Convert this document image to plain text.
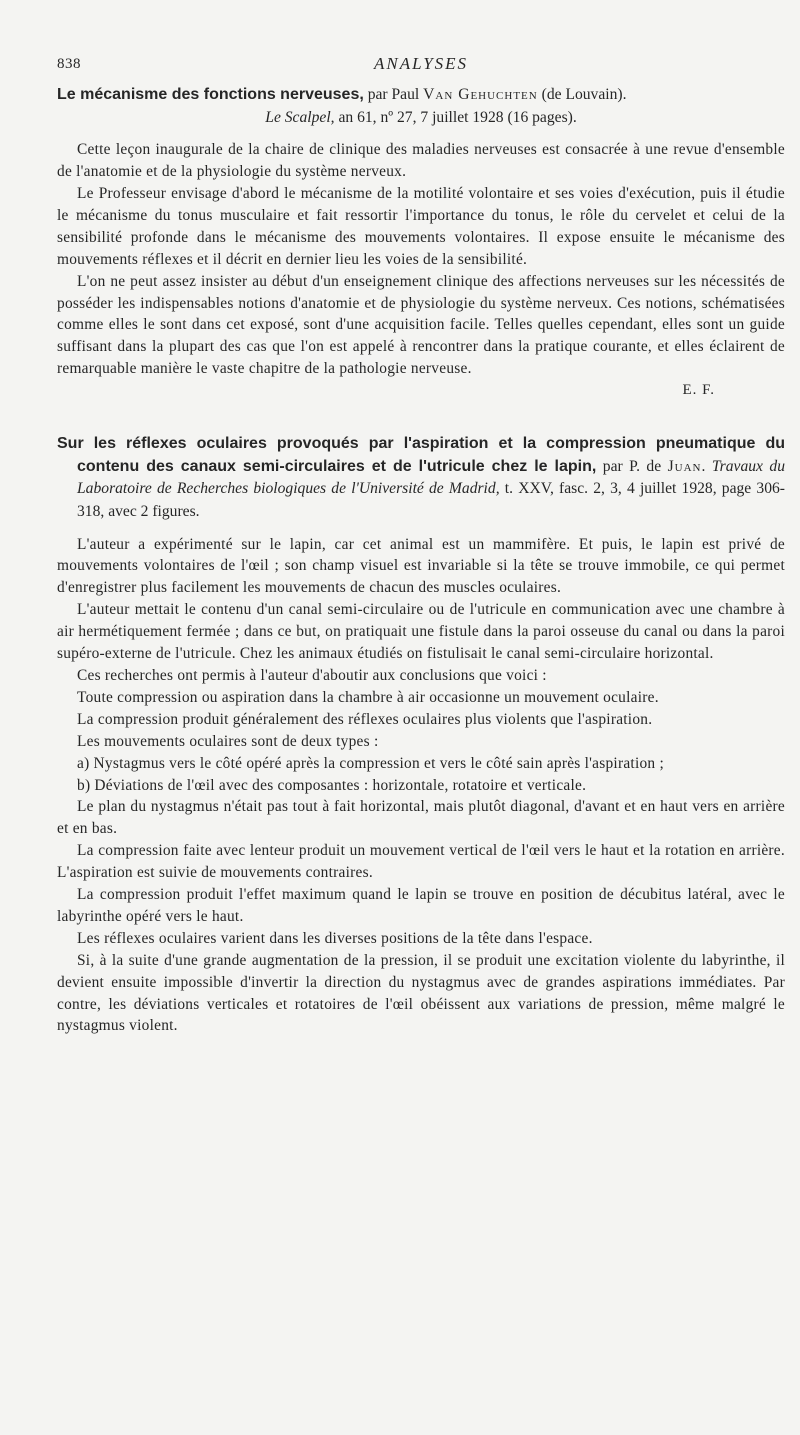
838	ANALYSES

Le mécanisme des fonctions nerveuses, par Paul Van Gehuchten (de Louvain).
Le Scalpel, an 61, nº 27, 7 juillet 1928 (16 pages).

Cette leçon inaugurale de la chaire de clinique des maladies nerveuses est consacrée à une revue d'ensemble de l'anatomie et de la physiologie du système nerveux.

Le Professeur envisage d'abord le mécanisme de la motilité volontaire et ses voies d'exécution, puis il étudie le mécanisme du tonus musculaire et fait ressortir l'importance du tonus, le rôle du cervelet et celui de la sensibilité profonde dans le mécanisme des mouvements volontaires. Il expose ensuite le mécanisme des mouvements réflexes et il décrit en dernier lieu les voies de la sensibilité.

L'on ne peut assez insister au début d'un enseignement clinique des affections nerveuses sur les nécessités de posséder les indispensables notions d'anatomie et de physiologie du système nerveux. Ces notions, schématisées comme elles le sont dans cet exposé, sont d'une acquisition facile. Telles quelles cependant, elles sont un guide suffisant dans la plupart des cas que l'on est appelé à rencontrer dans la pratique courante, et elles éclairent de remarquable manière le vaste chapitre de la pathologie nerveuse.

E. F.

Sur les réflexes oculaires provoqués par l'aspiration et la compression pneumatique du contenu des canaux semi-circulaires et de l'utricule chez le lapin, par P. de Juan. Travaux du Laboratoire de Recherches biologiques de l'Université de Madrid, t. XXV, fasc. 2, 3, 4 juillet 1928, page 306-318, avec 2 figures.

L'auteur a expérimenté sur le lapin, car cet animal est un mammifère. Et puis, le lapin est privé de mouvements volontaires de l'œil ; son champ visuel est invariable si la tête se trouve immobile, ce qui permet d'enregistrer plus facilement les mouvements de chacun des muscles oculaires.

L'auteur mettait le contenu d'un canal semi-circulaire ou de l'utricule en communication avec une chambre à air hermétiquement fermée ; dans ce but, on pratiquait une fistule dans la paroi osseuse du canal ou dans la paroi supéro-externe de l'utricule. Chez les animaux étudiés on fistulisait le canal semi-circulaire horizontal.

Ces recherches ont permis à l'auteur d'aboutir aux conclusions que voici :

Toute compression ou aspiration dans la chambre à air occasionne un mouvement oculaire.

La compression produit généralement des réflexes oculaires plus violents que l'aspiration.

Les mouvements oculaires sont de deux types :

a) Nystagmus vers le côté opéré après la compression et vers le côté sain après l'aspiration ;

b) Déviations de l'œil avec des composantes : horizontale, rotatoire et verticale.

Le plan du nystagmus n'était pas tout à fait horizontal, mais plutôt diagonal, d'avant et en haut vers en arrière et en bas.

La compression faite avec lenteur produit un mouvement vertical de l'œil vers le haut et la rotation en arrière. L'aspiration est suivie de mouvements contraires.

La compression produit l'effet maximum quand le lapin se trouve en position de décubitus latéral, avec le labyrinthe opéré vers le haut.

Les réflexes oculaires varient dans les diverses positions de la tête dans l'espace.

Si, à la suite d'une grande augmentation de la pression, il se produit une excitation violente du labyrinthe, il devient ensuite impossible d'invertir la direction du nystagmus avec de grandes aspirations immédiates. Par contre, les déviations verticales et rotatoires de l'œil obéissent aux variations de pression, même malgré le nystagmus violent.
